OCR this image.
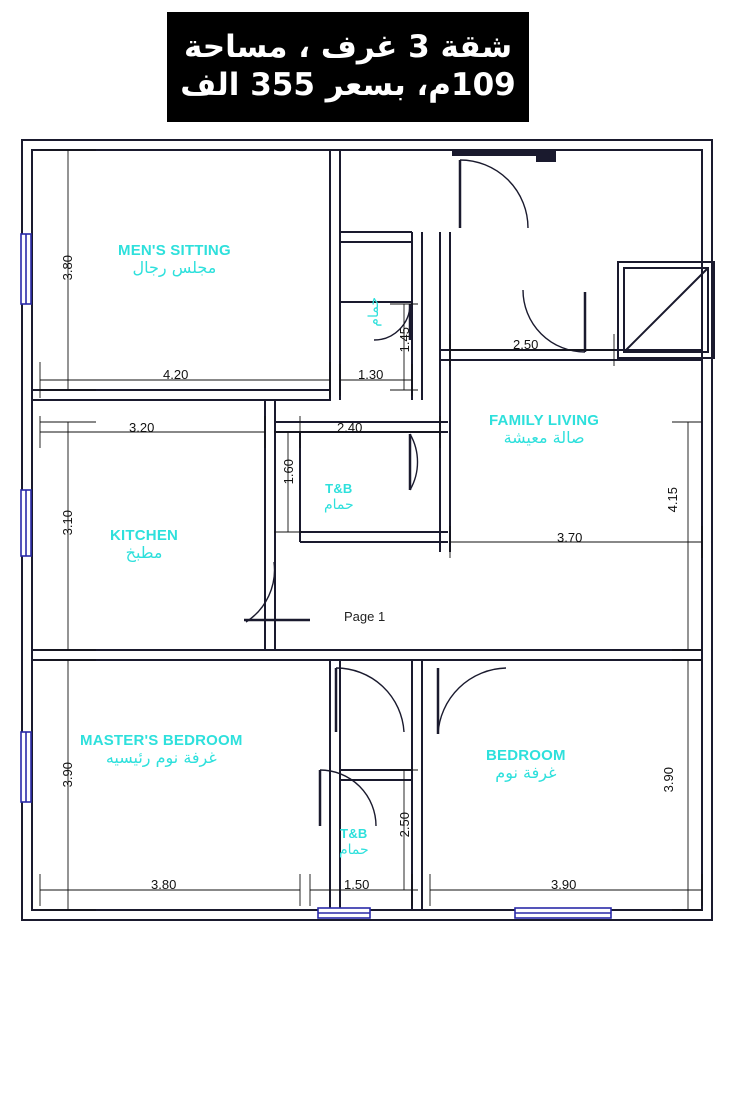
شقة 3 غرف ، مساحة 109م، بسعر 355 الف
MEN'S SITTING
مجلس رجال
حمام
FAMILY LIVING
صالة معيشة
KITCHEN
مطبخ
T&B
حمام
MASTER'S BEDROOM
غرفة نوم رئيسيه	BEDROOM
غرفة نوم
T&B
حمام
3.80
4.20	1.30
1.45	2.50
3.20	2.40
1.60
3.10
4.15
3.70
3.90
3.80	1.50
2.50
3.90
3.90
Page 1
